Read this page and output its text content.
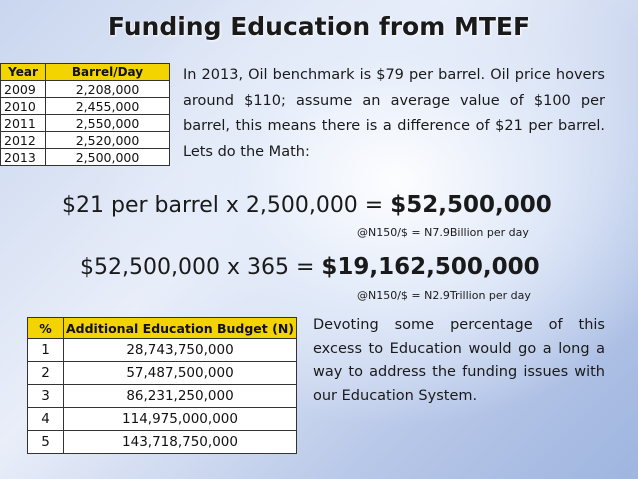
Funding Education from MTEF
Year	Barrel/Day
2009	2,208,000
2010	2,455,000
2011	2,550,000
2012	2,520,000
2013	2,500,000
In 2013, Oil benchmark is $79 per barrel. Oil price hovers around $110; assume an average value of $100 per barrel, this means there is a difference of $21 per barrel. Lets do the Math:
$21 per barrel x 2,500,000 = $52,500,000
@N150/$ = N7.9Billion per day
$52,500,000 x 365 = $19,162,500,000
@N150/$ = N2.9Trillion per day
%	Additional Education Budget (N)
1	28,743,750,000
2	57,487,500,000
3	86,231,250,000
4	114,975,000,000
5	143,718,750,000
Devoting some percentage of this excess to Education would go a long a way to address the funding issues with our Education System.
